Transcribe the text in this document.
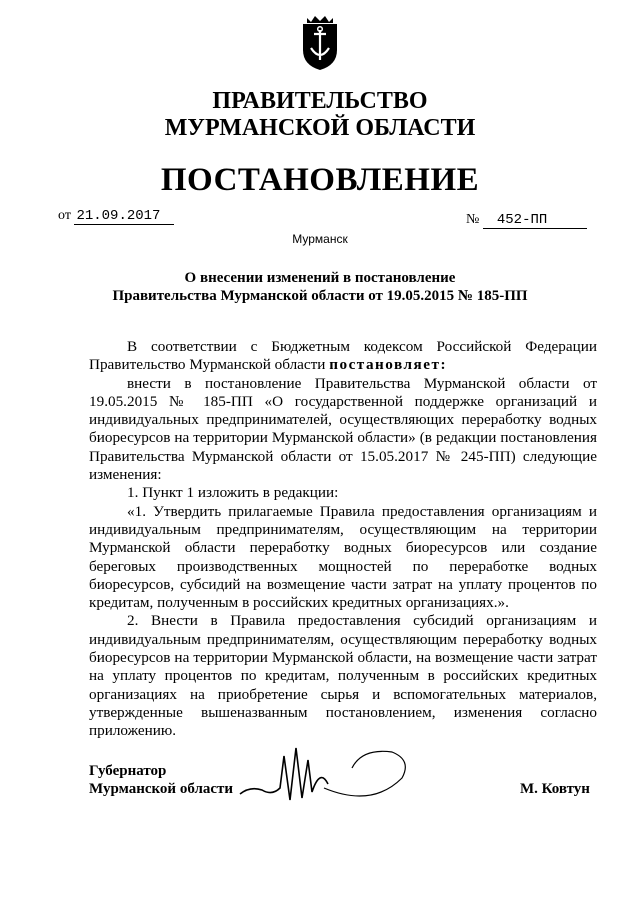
ПРАВИТЕЛЬСТВО
МУРМАНСКОЙ ОБЛАСТИ
ПОСТАНОВЛЕНИЕ
от 21.09.2017	№ 452-ПП
Мурманск
О внесении изменений в постановление
Правительства Мурманской области от 19.05.2015 № 185-ПП

В соответствии с Бюджетным кодексом Российской Федерации Правительство Мурманской области постановляет:

внести в постановление Правительства Мурманской области от 19.05.2015 № 185-ПП «О государственной поддержке организаций и индивидуальных предпринимателей, осуществляющих переработку водных биоресурсов на территории Мурманской области» (в редакции постановления Правительства Мурманской области от 15.05.2017 № 245-ПП) следующие изменения:

1. Пункт 1 изложить в редакции:

«1. Утвердить прилагаемые Правила предоставления организациям и индивидуальным предпринимателям, осуществляющим на территории Мурманской области переработку водных биоресурсов или создание береговых производственных мощностей по переработке водных биоресурсов, субсидий на возмещение части затрат на уплату процентов по кредитам, полученным в российских кредитных организациях.».

2. Внести в Правила предоставления субсидий организациям и индивидуальным предпринимателям, осуществляющим переработку водных биоресурсов на территории Мурманской области, на возмещение части затрат на уплату процентов по кредитам, полученным в российских кредитных организациях на приобретение сырья и вспомогательных материалов, утвержденные вышеназванным постановлением, изменения согласно приложению.

Губернатор
Мурманской области	М. Ковтун
